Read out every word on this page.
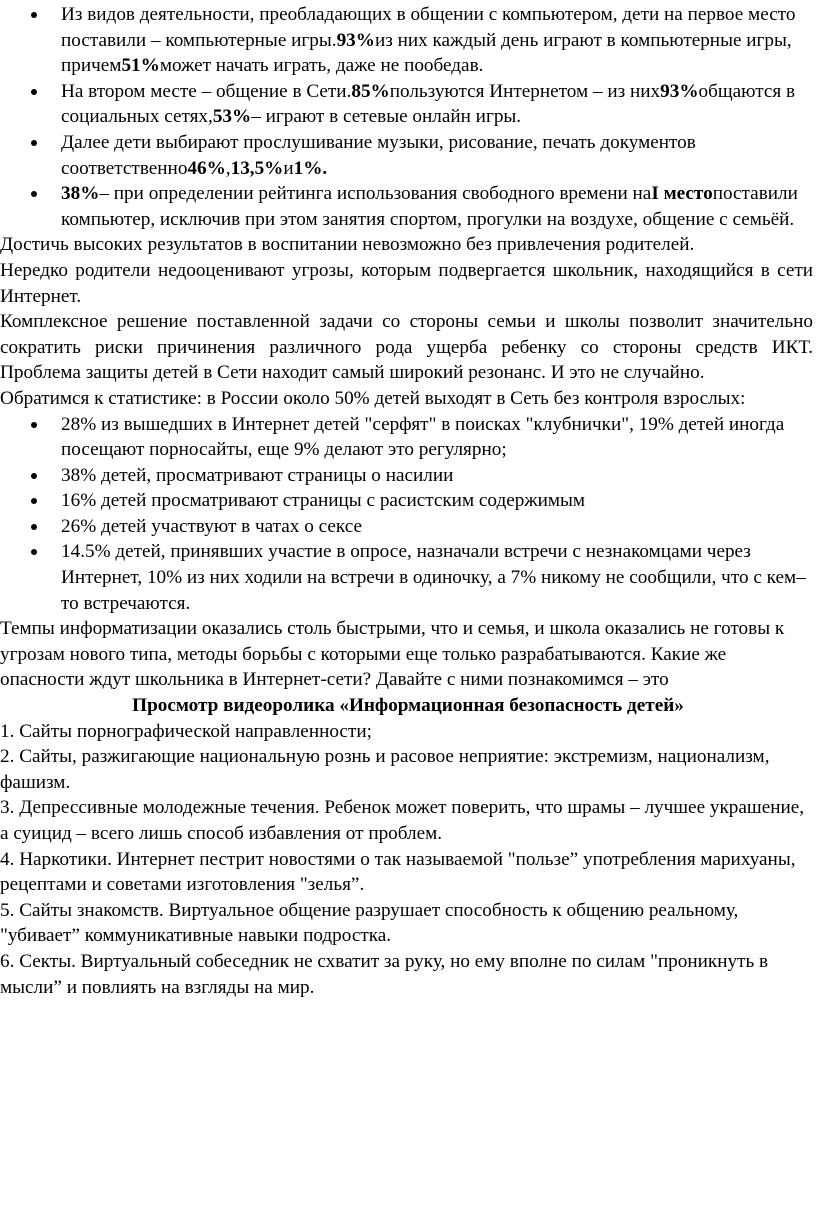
Из видов деятельности, преобладающих в общении с компьютером, дети на первое место поставили – компьютерные игры.93%из них каждый день играют в компьютерные игры, причем51%может начать играть, даже не пообедав.
На втором месте – общение в Сети.85%пользуются Интернетом – из них93%общаются в социальных сетях,53%– играют в сетевые онлайн игры.
Далее дети выбирают прослушивание музыки, рисование, печать документов соответственно46%,13,5%и1%.
38%– при определении рейтинга использования свободного времени наI местопоставили компьютер, исключив при этом занятия спортом, прогулки на воздухе, общение с семьёй.

Достичь высоких результатов в воспитании невозможно без привлечения родителей.

Нередко родители недооценивают угрозы, которым подвергается школьник, находящийся в сети Интернет.

Комплексное решение поставленной задачи со стороны семьи и школы позволит значительно сократить риски причинения различного рода ущерба ребенку со стороны средств ИКТ.

Проблема защиты детей в Сети находит самый широкий резонанс. И это не случайно.

Обратимся к статистике: в России около 50% детей выходят в Сеть без контроля взрослых:

28% из вышедших в Интернет детей "серфят" в поисках "клубнички", 19% детей иногда посещают порносайты, еще 9% делают это регулярно;
38% детей, просматривают страницы о насилии
16% детей просматривают страницы с расистским содержимым
26% детей участвуют в чатах о сексе
14.5% детей, принявших участие в опросе, назначали встречи с незнакомцами через Интернет, 10% из них ходили на встречи в одиночку, а 7% никому не сообщили, что с кем–то встречаются.

Темпы информатизации оказались столь быстрыми, что и семья, и школа оказались не готовы к угрозам нового типа, методы борьбы с которыми еще только разрабатываются. Какие же опасности ждут школьника в Интернет-сети? Давайте с ними познакомимся – это

Просмотр видеоролика «Информационная безопасность детей»

1. Сайты порнографической направленности;

2. Сайты, разжигающие национальную рознь и расовое неприятие: экстремизм, национализм, фашизм.

3. Депрессивные молодежные течения. Ребенок может поверить, что шрамы – лучшее украшение, а суицид – всего лишь способ избавления от проблем.

4. Наркотики. Интернет пестрит новостями о так называемой "пользе” употребления марихуаны, рецептами и советами изготовления "зелья”.

5. Сайты знакомств. Виртуальное общение разрушает способность к общению реальному, "убивает” коммуникативные навыки подростка.

6. Секты. Виртуальный собеседник не схватит за руку, но ему вполне по силам "проникнуть в мысли” и повлиять на взгляды на мир.
